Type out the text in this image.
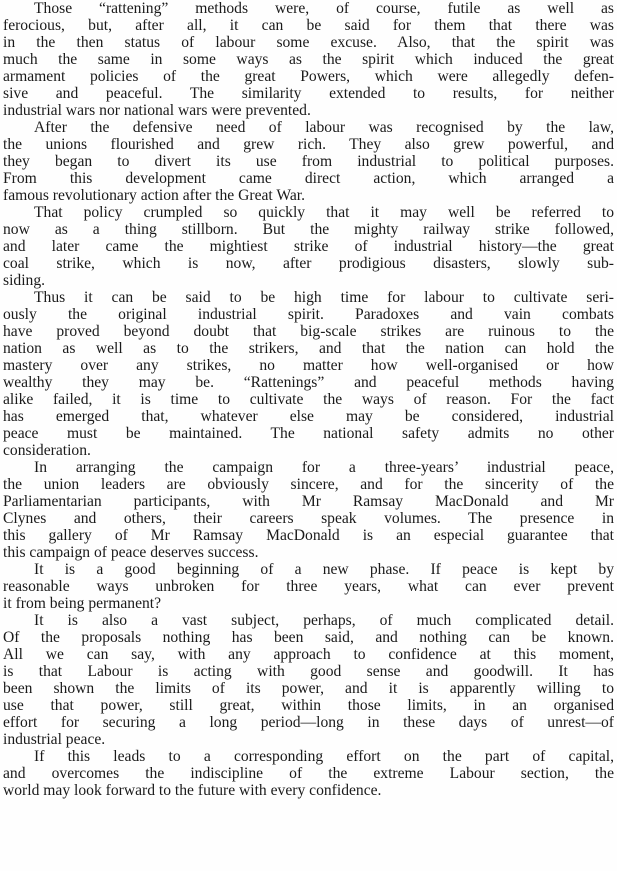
Those “rattening” methods were, of course, futile as well as
ferocious, but, after all, it can be said for them that there was
in the then status of labour some excuse. Also, that the spirit was
much the same in some ways as the spirit which induced the great
armament policies of the great Powers, which were allegedly defen-
sive and peaceful. The similarity extended to results, for neither
industrial wars nor national wars were prevented.
After the defensive need of labour was recognised by the law,
the unions flourished and grew rich. They also grew powerful, and
they began to divert its use from industrial to political purposes.
From this development came direct action, which arranged a
famous revolutionary action after the Great War.
That policy crumpled so quickly that it may well be referred to
now as a thing stillborn. But the mighty railway strike followed,
and later came the mightiest strike of industrial history—the great
coal strike, which is now, after prodigious disasters, slowly sub-
siding.
Thus it can be said to be high time for labour to cultivate seri-
ously the original industrial spirit. Paradoxes and vain combats
have proved beyond doubt that big-scale strikes are ruinous to the
nation as well as to the strikers, and that the nation can hold the
mastery over any strikes, no matter how well-organised or how
wealthy they may be. “Rattenings” and peaceful methods having
alike failed, it is time to cultivate the ways of reason. For the fact
has emerged that, whatever else may be considered, industrial
peace must be maintained. The national safety admits no other
consideration.
In arranging the campaign for a three-years’ industrial peace,
the union leaders are obviously sincere, and for the sincerity of the
Parliamentarian participants, with Mr Ramsay MacDonald and Mr
Clynes and others, their careers speak volumes. The presence in
this gallery of Mr Ramsay MacDonald is an especial guarantee that
this campaign of peace deserves success.
It is a good beginning of a new phase. If peace is kept by
reasonable ways unbroken for three years, what can ever prevent
it from being permanent?
It is also a vast subject, perhaps, of much complicated detail.
Of the proposals nothing has been said, and nothing can be known.
All we can say, with any approach to confidence at this moment,
is that Labour is acting with good sense and goodwill. It has
been shown the limits of its power, and it is apparently willing to
use that power, still great, within those limits, in an organised
effort for securing a long period—long in these days of unrest—of
industrial peace.
If this leads to a corresponding effort on the part of capital,
and overcomes the indiscipline of the extreme Labour section, the
world may look forward to the future with every confidence.
